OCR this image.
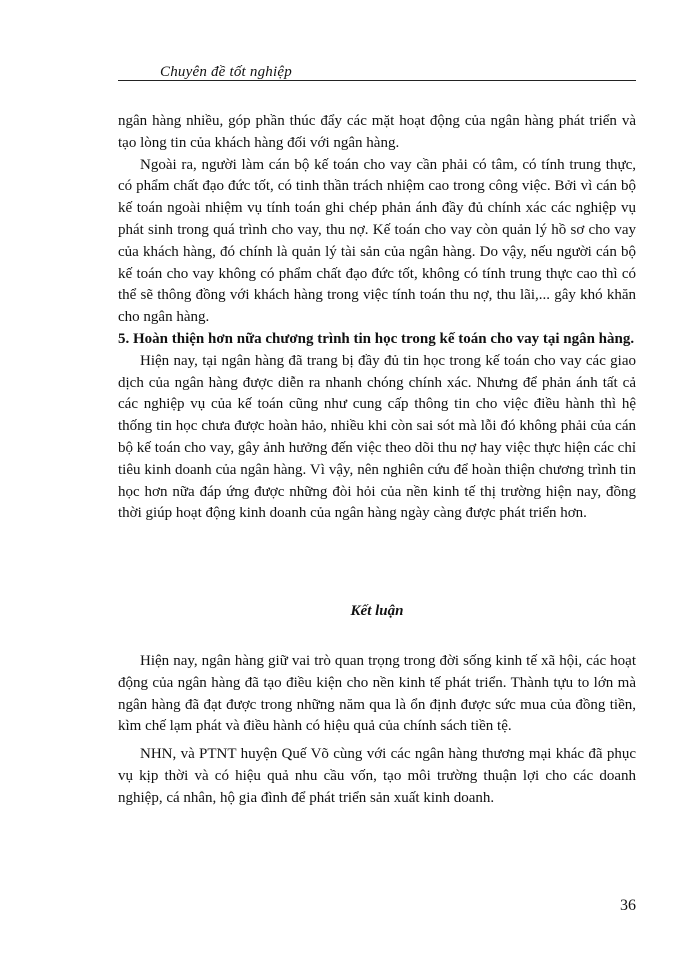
Chuyên đề tốt nghiệp

ngân hàng nhiều, góp phần thúc đẩy các mặt hoạt động của ngân hàng phát triển và tạo lòng tin của khách hàng đối với ngân hàng.

Ngoài ra, người làm cán bộ kế toán cho vay cần phải có tâm, có tính trung thực, có phẩm chất đạo đức tốt, có tinh thần trách nhiệm cao trong công việc. Bởi vì cán bộ kế toán ngoài nhiệm vụ tính toán ghi chép phản ánh đầy đủ chính xác các nghiệp vụ phát sinh trong quá trình cho vay, thu nợ. Kế toán cho vay còn quản lý hồ sơ cho vay của khách hàng, đó chính là quản lý tài sản của ngân hàng. Do vậy, nếu người cán bộ kế toán cho vay không có phẩm chất đạo đức tốt, không có tính trung thực cao thì có thể sẽ thông đồng với khách hàng trong việc tính toán thu nợ, thu lãi,... gây khó khăn cho ngân hàng.

5. Hoàn thiện hơn nữa chương trình tin học trong kế toán cho vay tại ngân hàng.

Hiện nay, tại ngân hàng đã trang bị đầy đủ tin học trong kế toán cho vay các giao dịch của ngân hàng được diễn ra nhanh chóng chính xác. Nhưng để phản ánh tất cả các nghiệp vụ của kế toán cũng như cung cấp thông tin cho việc điều hành thì hệ thống tin học chưa được hoàn hảo, nhiều khi còn sai sót mà lỗi đó không phải của cán bộ kế toán cho vay, gây ảnh hưởng đến việc theo dõi thu nợ hay việc thực hiện các chỉ tiêu kinh doanh của ngân hàng. Vì vậy, nên nghiên cứu để hoàn thiện chương trình tin học hơn nữa đáp ứng được những đòi hỏi của nền kinh tế thị trường hiện nay, đồng thời giúp hoạt động kinh doanh của ngân hàng ngày càng được phát triển hơn.

Kết luận

Hiện nay, ngân hàng giữ vai trò quan trọng trong đời sống kinh tế xã hội, các hoạt động của ngân hàng đã tạo điều kiện cho nền kinh tế phát triển. Thành tựu to lớn mà ngân hàng đã đạt được trong những năm qua là ổn định được sức mua của đồng tiền, kìm chế lạm phát và điều hành có hiệu quả của chính sách tiền tệ.

NHN, và PTNT huyện Quế Võ cùng với các ngân hàng thương mại khác đã phục vụ kịp thời và có hiệu quả nhu cầu vốn, tạo môi trường thuận lợi cho các doanh nghiệp, cá nhân, hộ gia đình để phát triển sản xuất kinh doanh.

36
